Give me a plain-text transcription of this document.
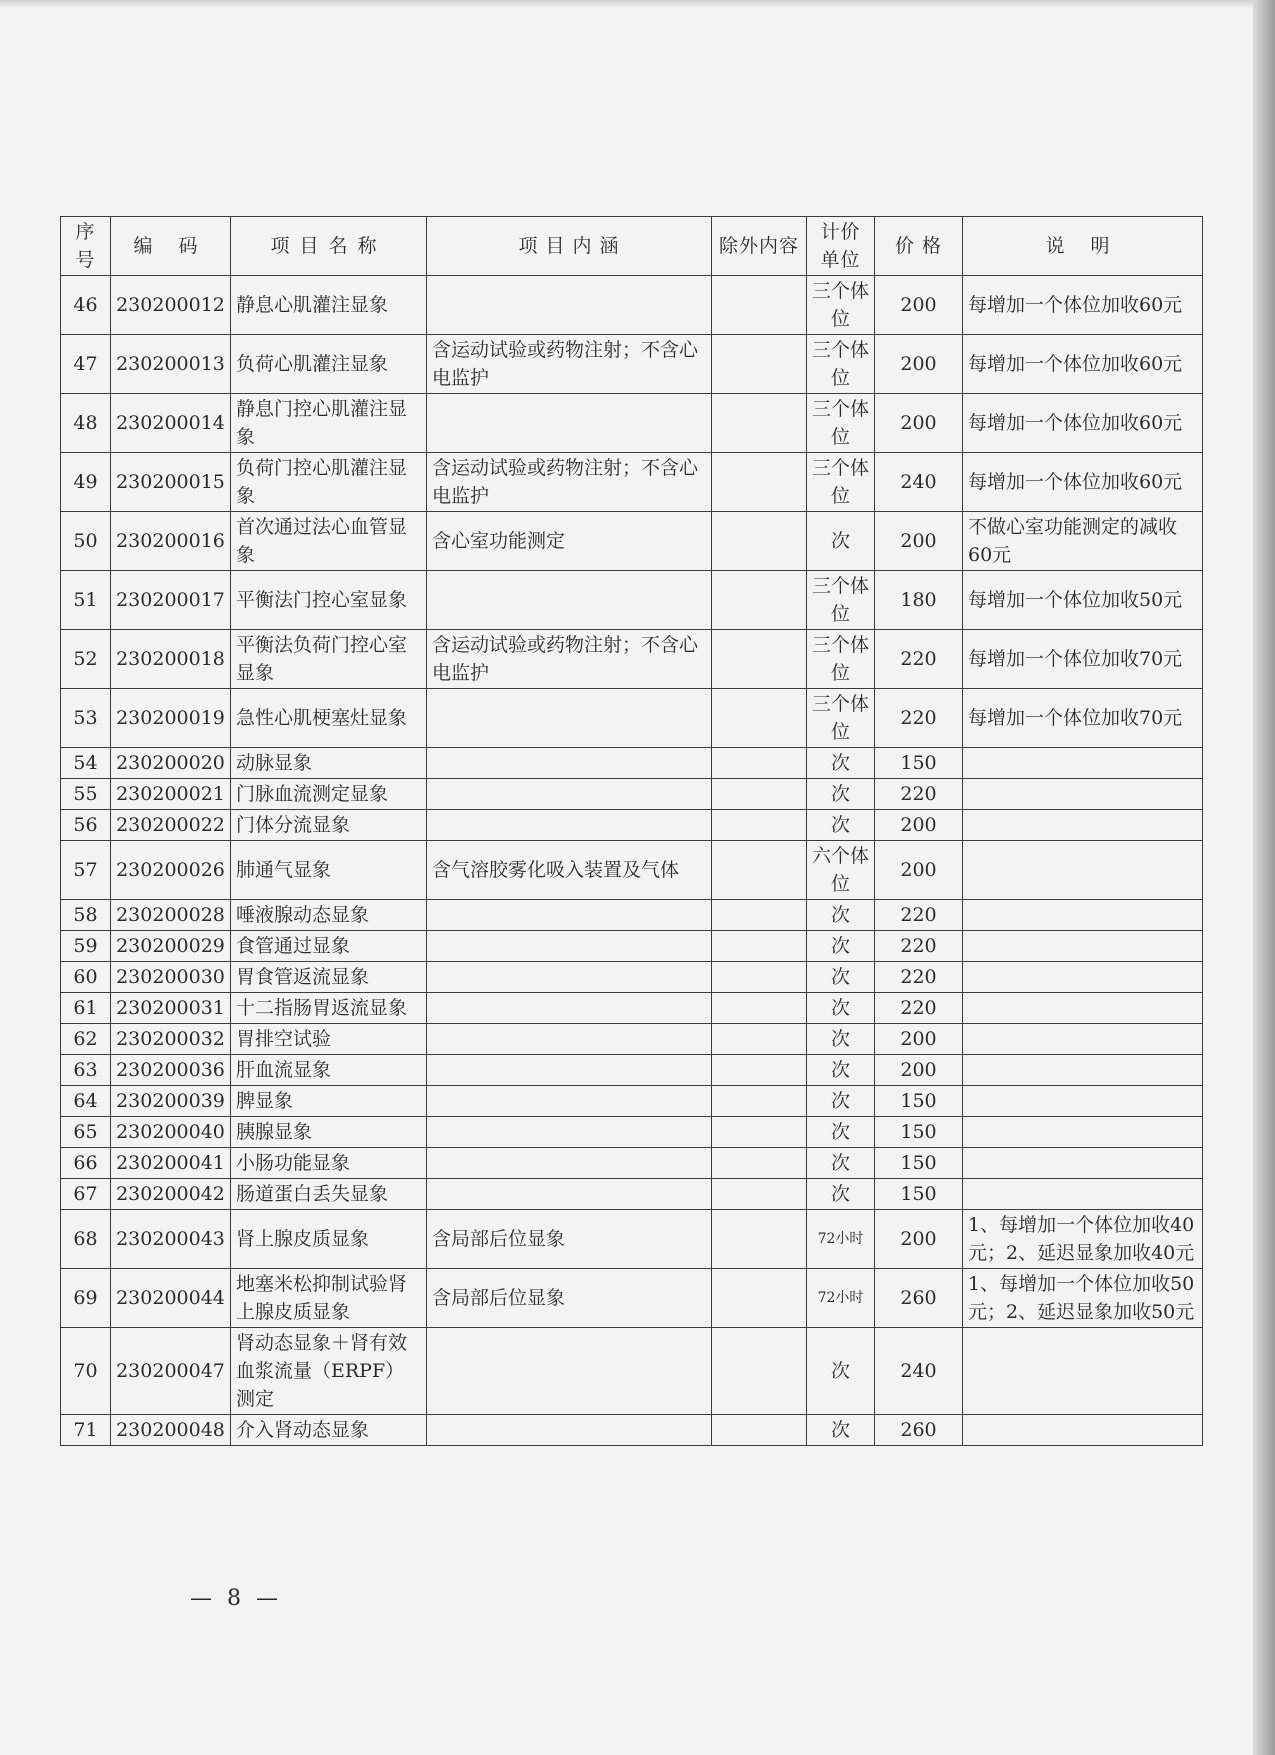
序号	编 码	项目名称	项 目 内 涵	除外内容	计价单位	价 格	说 明
46	230200012	静息心肌灌注显象			三个体位	200	每增加一个体位加收60元
47	230200013	负荷心肌灌注显象	含运动试验或药物注射；不含心电监护		三个体位	200	每增加一个体位加收60元
48	230200014	静息门控心肌灌注显象			三个体位	200	每增加一个体位加收60元
49	230200015	负荷门控心肌灌注显象	含运动试验或药物注射；不含心电监护		三个体位	240	每增加一个体位加收60元
50	230200016	首次通过法心血管显象	含心室功能测定		次	200	不做心室功能测定的减收60元
51	230200017	平衡法门控心室显象			三个体位	180	每增加一个体位加收50元
52	230200018	平衡法负荷门控心室显象	含运动试验或药物注射；不含心电监护		三个体位	220	每增加一个体位加收70元
53	230200019	急性心肌梗塞灶显象			三个体位	220	每增加一个体位加收70元
54	230200020	动脉显象			次	150	
55	230200021	门脉血流测定显象			次	220	
56	230200022	门体分流显象			次	200	
57	230200026	肺通气显象	含气溶胶雾化吸入装置及气体		六个体位	200	
58	230200028	唾液腺动态显象			次	220	
59	230200029	食管通过显象			次	220	
60	230200030	胃食管返流显象			次	220	
61	230200031	十二指肠胃返流显象			次	220	
62	230200032	胃排空试验			次	200	
63	230200036	肝血流显象			次	200	
64	230200039	脾显象			次	150	
65	230200040	胰腺显象			次	150	
66	230200041	小肠功能显象			次	150	
67	230200042	肠道蛋白丢失显象			次	150	
68	230200043	肾上腺皮质显象	含局部后位显象		72小时	200	1、每增加一个体位加收40元；2、延迟显象加收40元
69	230200044	地塞米松抑制试验肾上腺皮质显象	含局部后位显象		72小时	260	1、每增加一个体位加收50元；2、延迟显象加收50元
70	230200047	肾动态显象＋肾有效血浆流量（ERPF）测定			次	240	
71	230200048	介入肾动态显象			次	260	
— 8 —
